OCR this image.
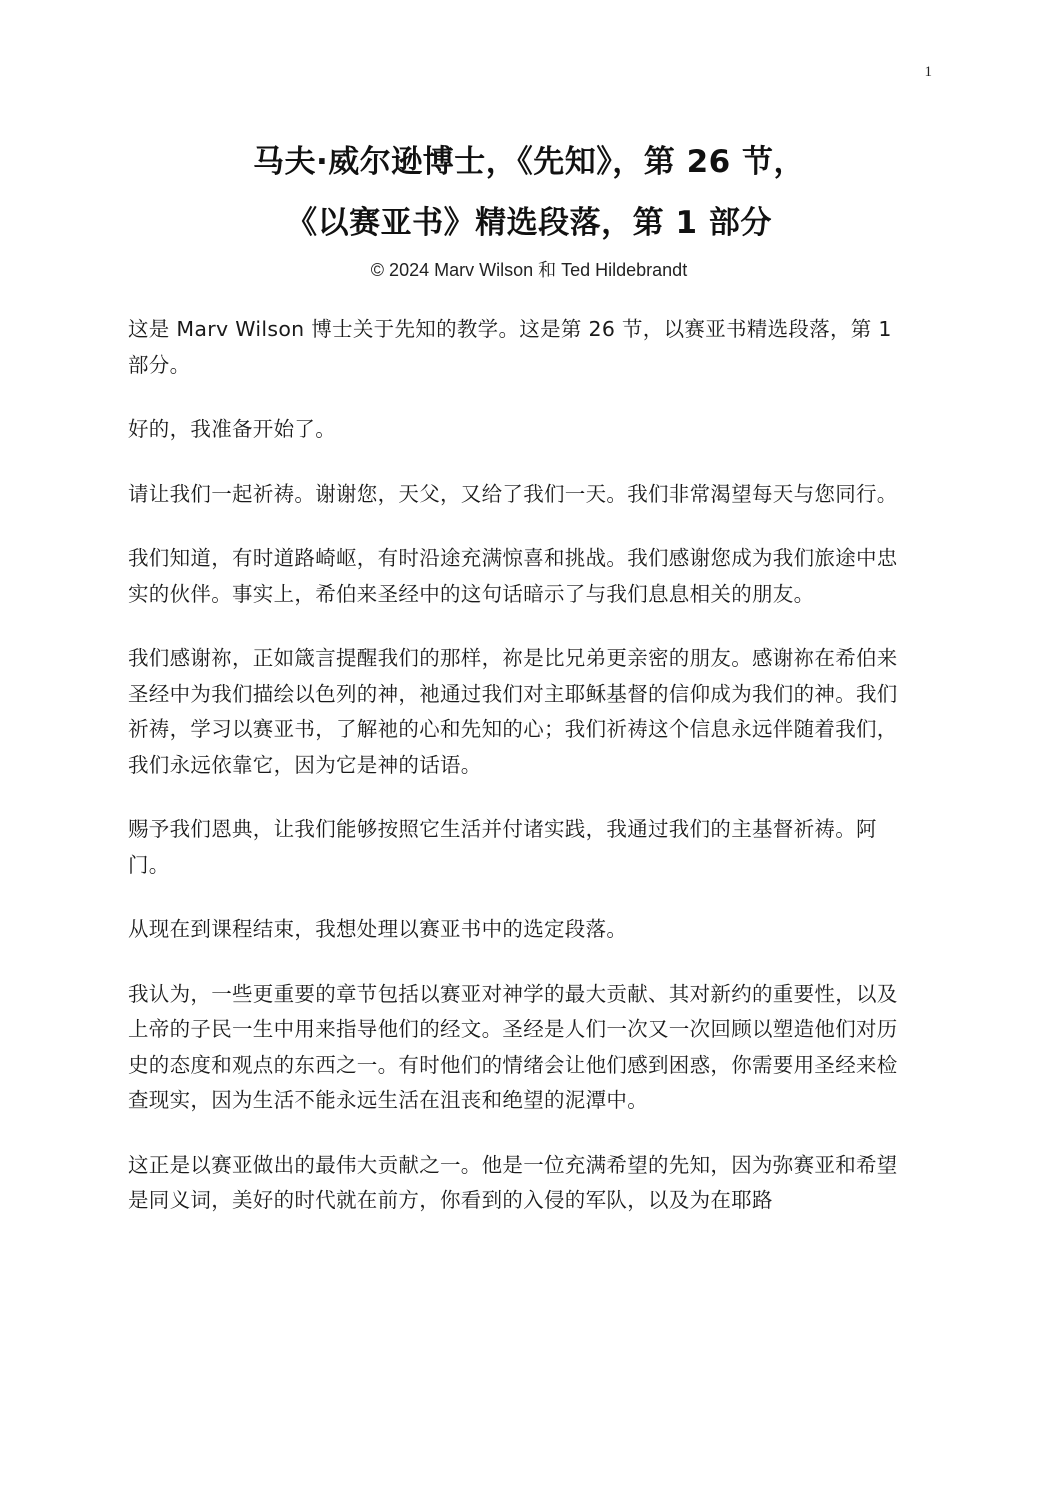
1
马夫·威尔逊博士，《先知》，第 26 节，
《以赛亚书》精选段落，第 1 部分
© 2024 Marv Wilson 和 Ted Hildebrandt

这是 Marv Wilson 博士关于先知的教学。这是第 26 节，以赛亚书精选段落，第 1 部分。

好的，我准备开始了。

请让我们一起祈祷。谢谢您，天父，又给了我们一天。我们非常渴望每天与您同行。

我们知道，有时道路崎岖，有时沿途充满惊喜和挑战。我们感谢您成为我们旅途中忠实的伙伴。事实上，希伯来圣经中的这句话暗示了与我们息息相关的朋友。

我们感谢祢，正如箴言提醒我们的那样，祢是比兄弟更亲密的朋友。感谢祢在希伯来圣经中为我们描绘以色列的神，祂通过我们对主耶稣基督的信仰成为我们的神。我们祈祷，学习以赛亚书，了解祂的心和先知的心；我们祈祷这个信息永远伴随着我们，我们永远依靠它，因为它是神的话语。

赐予我们恩典，让我们能够按照它生活并付诸实践，我通过我们的主基督祈祷。阿门。

从现在到课程结束，我想处理以赛亚书中的选定段落。

我认为，一些更重要的章节包括以赛亚对神学的最大贡献、其对新约的重要性，以及上帝的子民一生中用来指导他们的经文。圣经是人们一次又一次回顾以塑造他们对历史的态度和观点的东西之一。有时他们的情绪会让他们感到困惑，你需要用圣经来检查现实，因为生活不能永远生活在沮丧和绝望的泥潭中。

这正是以赛亚做出的最伟大贡献之一。他是一位充满希望的先知，因为弥赛亚和希望是同义词，美好的时代就在前方，你看到的入侵的军队，以及为在耶路
